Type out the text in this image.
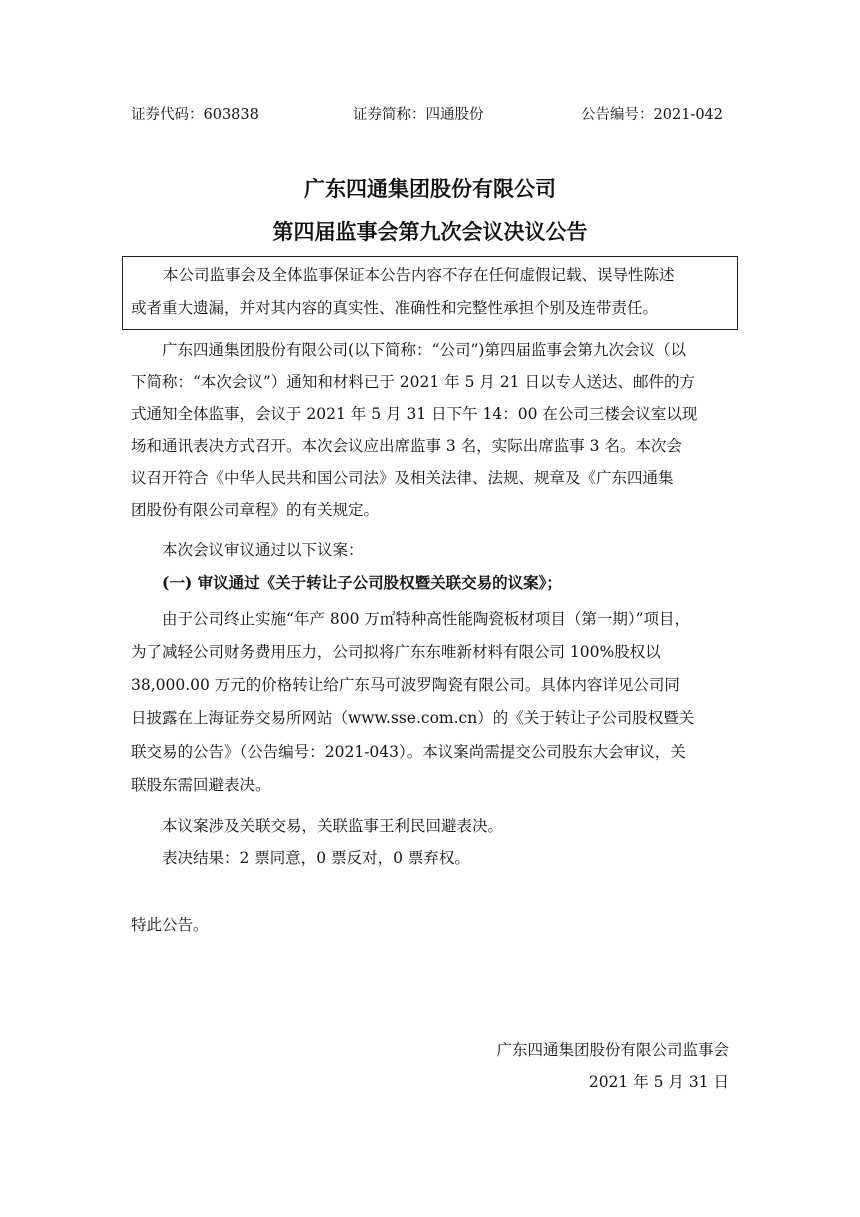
证券代码：603838	证券简称：四通股份	公告编号：2021-042
广东四通集团股份有限公司
第四届监事会第九次会议决议公告
本公司监事会及全体监事保证本公告内容不存在任何虚假记载、误导性陈述
或者重大遗漏，并对其内容的真实性、准确性和完整性承担个别及连带责任。
广东四通集团股份有限公司(以下简称：“公司”)第四届监事会第九次会议（以
下简称：“本次会议”）通知和材料已于 2021 年 5 月 21 日以专人送达、邮件的方
式通知全体监事，会议于 2021 年 5 月 31 日下午 14：00 在公司三楼会议室以现
场和通讯表决方式召开。本次会议应出席监事 3 名，实际出席监事 3 名。本次会
议召开符合《中华人民共和国公司法》及相关法律、法规、规章及《广东四通集
团股份有限公司章程》的有关规定。
本次会议审议通过以下议案：
(一) 审议通过《关于转让子公司股权暨关联交易的议案》；
由于公司终止实施“年产 800 万㎡特种高性能陶瓷板材项目（第一期）”项目，
为了减轻公司财务费用压力，公司拟将广东东唯新材料有限公司 100%股权以
38,000.00 万元的价格转让给广东马可波罗陶瓷有限公司。具体内容详见公司同
日披露在上海证券交易所网站（www.sse.com.cn）的《关于转让子公司股权暨关
联交易的公告》（公告编号：2021-043）。本议案尚需提交公司股东大会审议，关
联股东需回避表决。
本议案涉及关联交易，关联监事王利民回避表决。
表决结果：2 票同意，0 票反对，0 票弃权。
特此公告。
广东四通集团股份有限公司监事会
2021 年 5 月 31 日
